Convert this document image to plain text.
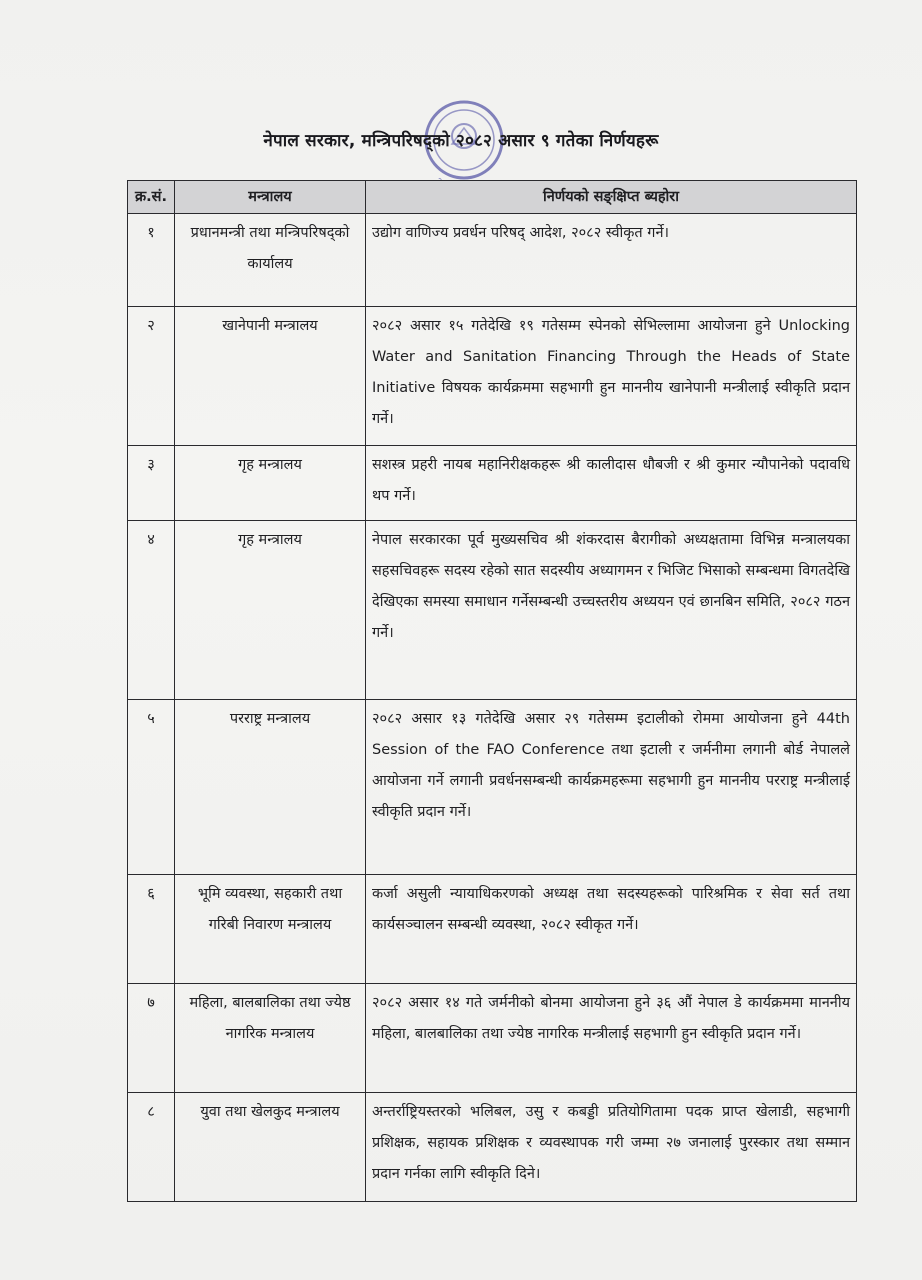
नेपाल सरकार, मन्त्रिपरिषद्को २०८२ असार ९ गतेका निर्णयहरू
क्र.सं.	मन्त्रालय	निर्णयको सङ्क्षिप्त ब्यहोरा
१	प्रधानमन्त्री तथा मन्त्रिपरिषद्को कार्यालय	उद्योग वाणिज्य प्रवर्धन परिषद् आदेश, २०८२ स्वीकृत गर्ने।
२	खानेपानी मन्त्रालय	२०८२ असार १५ गतेदेखि १९ गतेसम्म स्पेनको सेभिल्लामा आयोजना हुने Unlocking Water and Sanitation Financing Through the Heads of State Initiative विषयक कार्यक्रममा सहभागी हुन माननीय खानेपानी मन्त्रीलाई स्वीकृति प्रदान गर्ने।
३	गृह मन्त्रालय	सशस्त्र प्रहरी नायब महानिरीक्षकहरू श्री कालीदास धौबजी र श्री कुमार न्यौपानेको पदावधि थप गर्ने।
४	गृह मन्त्रालय	नेपाल सरकारका पूर्व मुख्यसचिव श्री शंकरदास बैरागीको अध्यक्षतामा विभिन्न मन्त्रालयका सहसचिवहरू सदस्य रहेको सात सदस्यीय अध्यागमन र भिजिट भिसाको सम्बन्धमा विगतदेखि देखिएका समस्या समाधान गर्नेसम्बन्धी उच्चस्तरीय अध्ययन एवं छानबिन समिति, २०८२ गठन गर्ने।
५	परराष्ट्र मन्त्रालय	२०८२ असार १३ गतेदेखि असार २९ गतेसम्म इटालीको रोममा आयोजना हुने 44th Session of the FAO Conference तथा इटाली र जर्मनीमा लगानी बोर्ड नेपालले आयोजना गर्ने लगानी प्रवर्धनसम्बन्धी कार्यक्रमहरूमा सहभागी हुन माननीय परराष्ट्र मन्त्रीलाई स्वीकृति प्रदान गर्ने।
६	भूमि व्यवस्था, सहकारी तथा गरिबी निवारण मन्त्रालय	कर्जा असुली न्यायाधिकरणको अध्यक्ष तथा सदस्यहरूको पारिश्रमिक र सेवा सर्त तथा कार्यसञ्चालन सम्बन्धी व्यवस्था, २०८२ स्वीकृत गर्ने।
७	महिला, बालबालिका तथा ज्येष्ठ नागरिक मन्त्रालय	२०८२ असार १४ गते जर्मनीको बोनमा आयोजना हुने ३६ औं नेपाल डे कार्यक्रममा माननीय महिला, बालबालिका तथा ज्येष्ठ नागरिक मन्त्रीलाई सहभागी हुन स्वीकृति प्रदान गर्ने।
८	युवा तथा खेलकुद मन्त्रालय	अन्तर्राष्ट्रियस्तरको भलिबल, उसु र कबड्डी प्रतियोगितामा पदक प्राप्त खेलाडी, सहभागी प्रशिक्षक, सहायक प्रशिक्षक र व्यवस्थापक गरी जम्मा २७ जनालाई पुरस्कार तथा सम्मान प्रदान गर्नका लागि स्वीकृति दिने।
